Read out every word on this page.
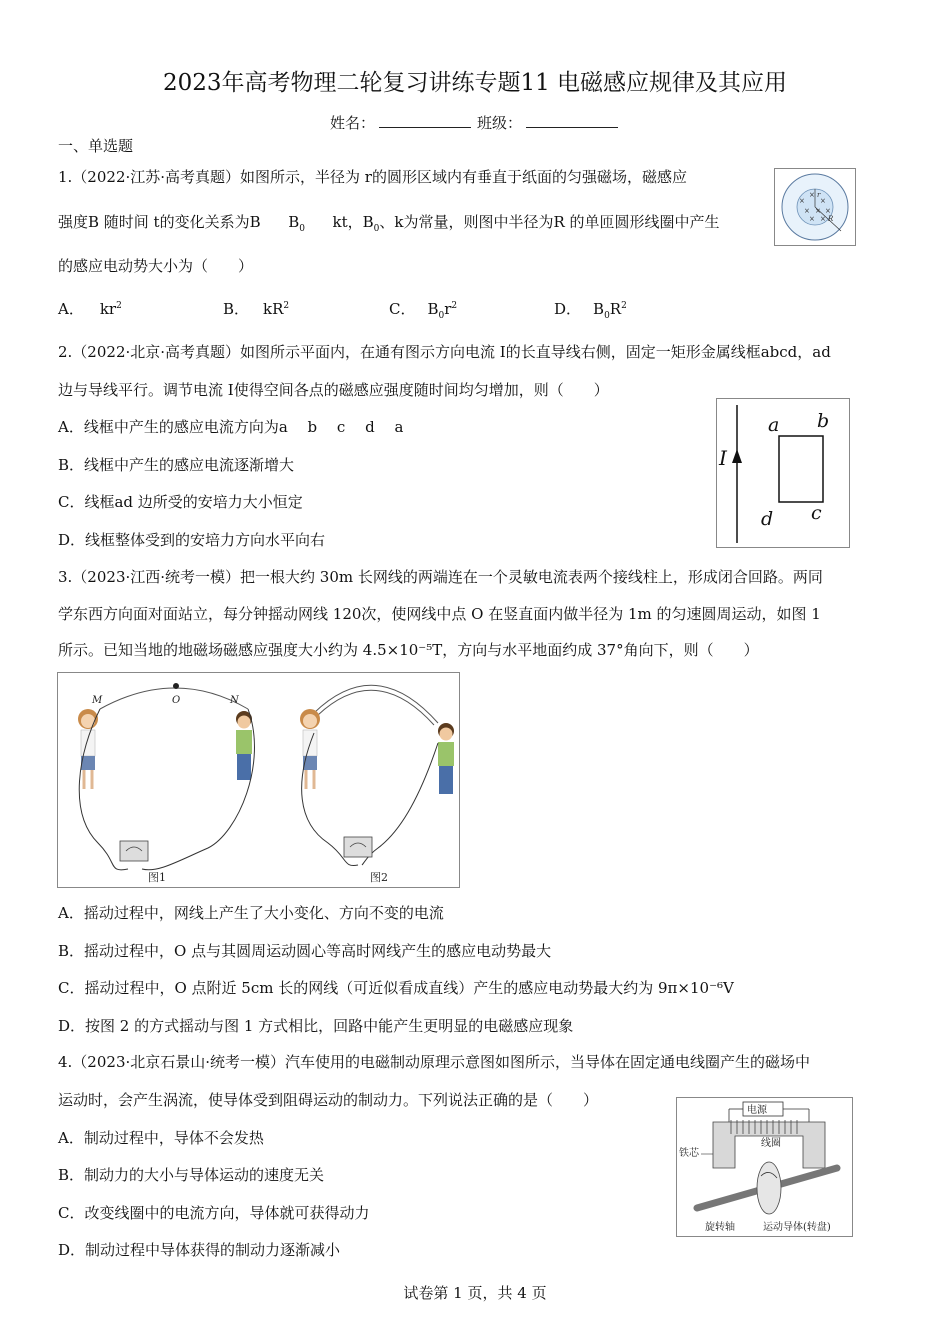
2023年高考物理二轮复习讲练专题11 电磁感应规律及其应用
姓名：	班级：
一、单选题
1.（2022·江苏·高考真题）如图所示，半径为 r的圆形区域内有垂直于纸面的匀强磁场，磁感应
强度B 随时间 t的变化关系为B $B_0$ kt，$B_0$、k为常量，则图中半径为R 的单匝圆形线圈中产生
的感应电动势大小为（　　）
A． $kr^2$	B． $kR^2$	C． $B_0r^2$	D． $B_0R^2$
×
×
×
× × ×
× ×
r
R
2.（2022·北京·高考真题）如图所示平面内，在通有图示方向电流 I的长直导线右侧，固定一矩形金属线框abcd，ad
边与导线平行。调节电流 I使得空间各点的磁感应强度随时间均匀增加，则（　　）
A．线框中产生的感应电流方向为a　 b　 c　 d　 a
B．线框中产生的感应电流逐渐增大
C．线框ad 边所受的安培力大小恒定
D．线框整体受到的安培力方向水平向右
I
a b
c
d
3.（2023·江西·统考一模）把一根大约 30m 长网线的两端连在一个灵敏电流表两个接线柱上，形成闭合回路。两同
学东西方向面对面站立，每分钟摇动网线 120次，使网线中点 O 在竖直面内做半径为 1m 的匀速圆周运动，如图 1
所示。已知当地的地磁场磁感应强度大小约为 4.5×10⁻⁵T，方向与水平地面约成 37°角向下，则（　　）
M	O	N
图1	图2
A．摇动过程中，网线上产生了大小变化、方向不变的电流
B．摇动过程中，O 点与其圆周运动圆心等高时网线产生的感应电动势最大
C．摇动过程中，O 点附近 5cm 长的网线（可近似看成直线）产生的感应电动势最大约为 9π×10⁻⁶V
D．按图 2 的方式摇动与图 1 方式相比，回路中能产生更明显的电磁感应现象
4.（2023·北京石景山·统考一模）汽车使用的电磁制动原理示意图如图所示，当导体在固定通电线圈产生的磁场中
运动时，会产生涡流，使导体受到阻碍运动的制动力。下列说法正确的是（　　）
A．制动过程中，导体不会发热
B．制动力的大小与导体运动的速度无关
C．改变线圈中的电流方向，导体就可获得动力
D．制动过程中导体获得的制动力逐渐减小
电源
线圈
铁芯
旋转轴	运动导体(转盘)
试卷第 1 页，共 4 页
